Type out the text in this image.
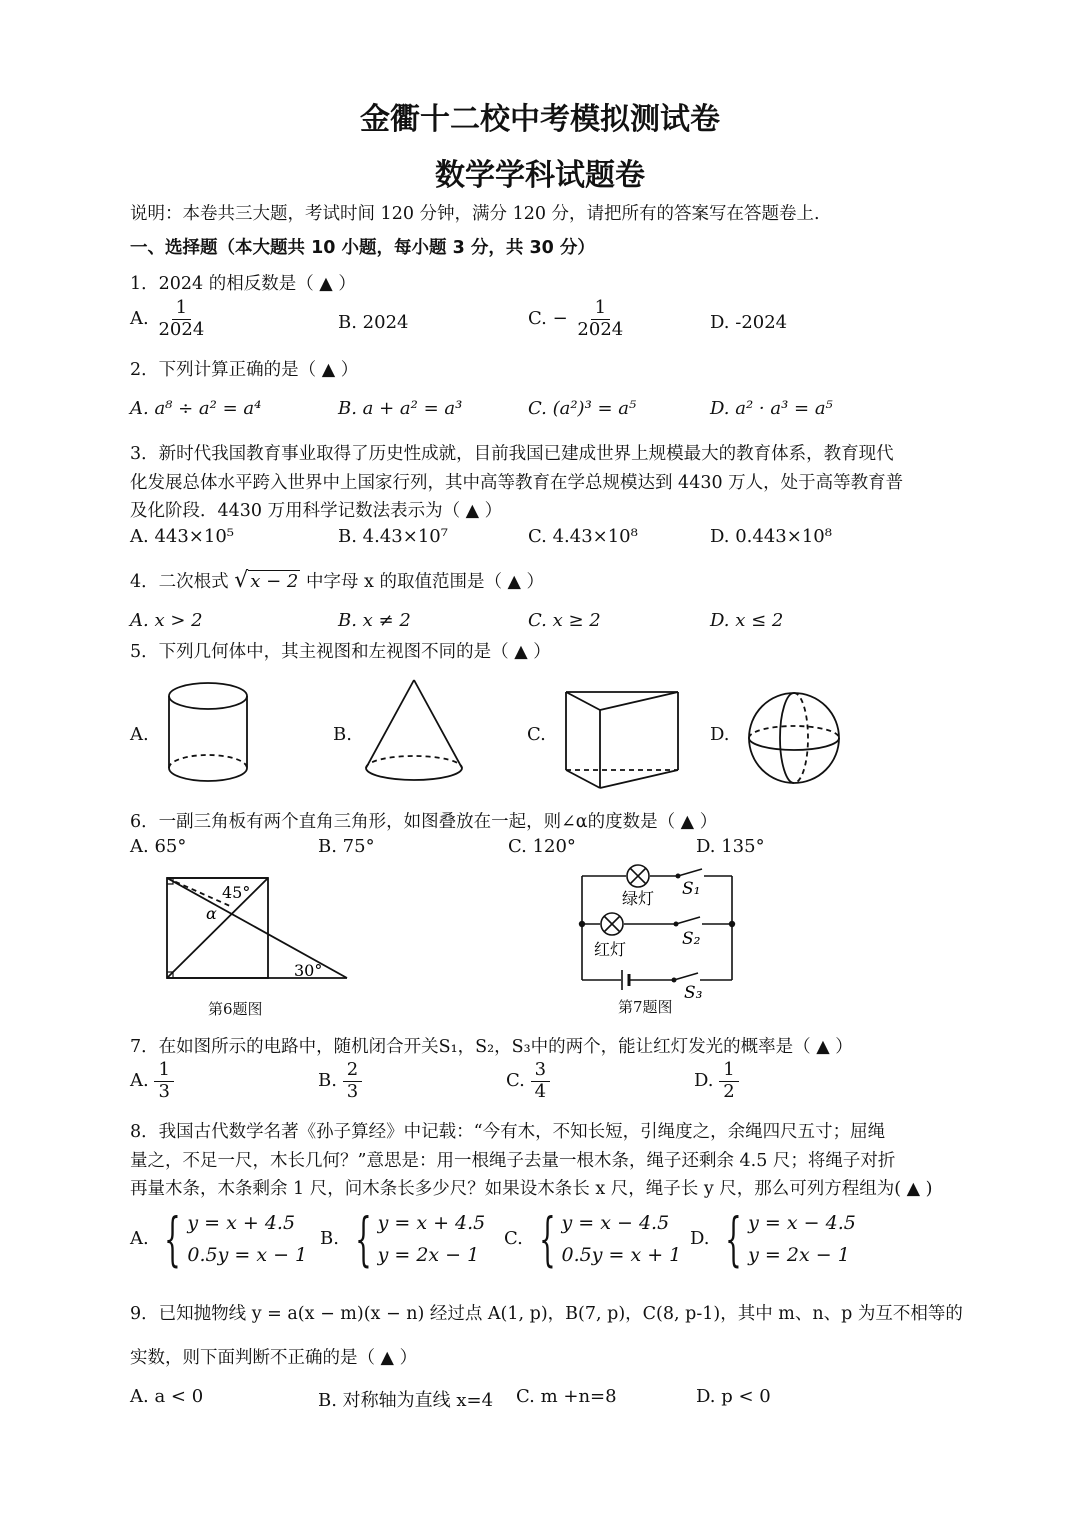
金衢十二校中考模拟测试卷
数学学科试题卷
说明：本卷共三大题，考试时间 120 分钟，满分 120 分，请把所有的答案写在答题卷上.
一、选择题（本大题共 10 小题，每小题 3 分，共 30 分）
1．2024 的相反数是（ ▲ ）
A. $\frac{1}{2024}$	B. 2024	C. − $\frac{1}{2024}$	D. -2024
2．下列计算正确的是（ ▲ ）
A. a⁸ ÷ a² = a⁴	B. a + a² = a³	C. (a²)³ = a⁵	D. a² · a³ = a⁵
3．新时代我国教育事业取得了历史性成就，目前我国已建成世界上规模最大的教育体系，教育现代
化发展总体水平跨入世界中上国家行列，其中高等教育在学总规模达到 4430 万人，处于高等教育普
及化阶段．4430 万用科学记数法表示为（ ▲ ）
A. 443×10⁵	B. 4.43×10⁷	C. 4.43×10⁸	D. 0.443×10⁸
4．二次根式 √ x − 2 中字母 x 的取值范围是（ ▲ ）
A. x > 2	B. x ≠ 2	C. x ≥ 2	D. x ≤ 2
5．下列几何体中，其主视图和左视图不同的是（ ▲ ）
A.	B.	C.	D.
6．一副三角板有两个直角三角形，如图叠放在一起，则∠α的度数是（ ▲ ）
A. 65°	B. 75°	C. 120°	D. 135°
45°
α
30°
第6题图
绿灯
红灯
S₁
S₂
S₃
第7题图
7．在如图所示的电路中，随机闭合开关S₁，S₂，S₃中的两个，能让红灯发光的概率是（ ▲ ）
A. $\frac{1}{3}$	B. $\frac{2}{3}$	C. $\frac{3}{4}$	D. $\frac{1}{2}$
8．我国古代数学名著《孙子算经》中记载：“今有木，不知长短，引绳度之，余绳四尺五寸；屈绳
量之，不足一尺，木长几何？”意思是：用一根绳子去量一根木条，绳子还剩余 4.5 尺；将绳子对折
再量木条，木条剩余 1 尺，问木条长多少尺？如果设木条长 x 尺，绳子长 y 尺，那么可列方程组为( ▲ )
A. { y = x + 4.5
0.5y = x − 1
B. { y = x + 4.5
y = 2x − 1
C. { y = x − 4.5
0.5y = x + 1
D. { y = x − 4.5
y = 2x − 1
9．已知抛物线 y = a(x − m)(x − n) 经过点 A(1, p)，B(7, p)，C(8, p-1)，其中 m、n、p 为互不相等的
实数，则下面判断不正确的是（ ▲ ）
A. a < 0	B. 对称轴为直线 x=4 C. m +n=8	D. p < 0
